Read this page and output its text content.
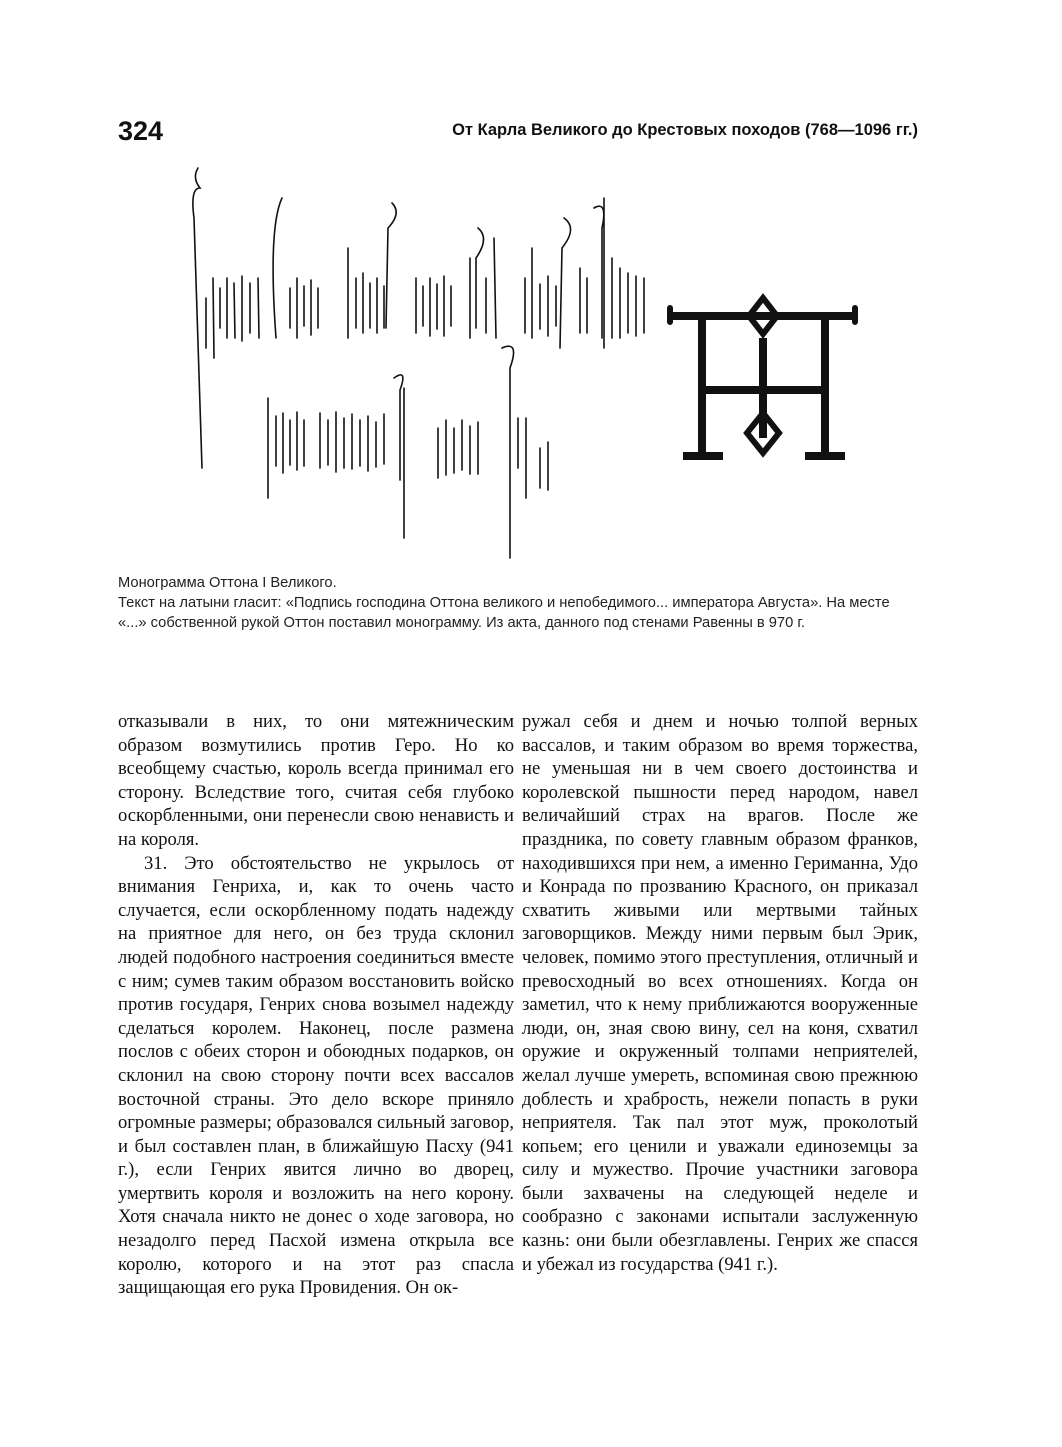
324	От Карла Великого до Крестовых походов (768—1096 гг.)

Монограмма Оттона I Великого.

Текст на латыни гласит: «Подпись господина Оттона великого и непобедимого... императора Августа». На месте «...» собственной рукой Оттон поставил монограмму. Из акта, данного под стенами Равенны в 970 г.

отказывали в них, то они мятежническим образом возмутились против Геро. Но ко всеобщему счастью, король всегда принимал его сторону. Вследствие того, считая себя глубоко оскорбленными, они перенесли свою ненависть и на короля.

31. Это обстоятельство не укрылось от внимания Генриха, и, как то очень часто случается, если оскорбленному подать надежду на приятное для него, он без труда склонил людей подобного настроения соединиться вместе с ним; сумев таким образом восстановить войско против государя, Генрих снова возымел надежду сделаться королем. Наконец, после размена послов с обеих сторон и обоюдных подарков, он склонил на свою сторону почти всех вассалов восточной страны. Это дело вскоре приняло огромные размеры; образовался сильный заговор, и был составлен план, в ближайшую Пасху (941 г.), если Генрих явится лично во дворец, умертвить короля и возложить на него корону. Хотя сначала никто не донес о ходе заговора, но незадолго перед Пасхой измена открыла все королю, которого и на этот раз спасла защищающая его рука Провидения. Он ок-

ружал себя и днем и ночью толпой верных вассалов, и таким образом во время торжества, не уменьшая ни в чем своего достоинства и королевской пышности перед народом, навел величайший страх на врагов. После же праздника, по совету главным образом франков, находившихся при нем, а именно Гериманна, Удо и Конрада по прозванию Красного, он приказал схватить живыми или мертвыми тайных заговорщиков. Между ними первым был Эрик, человек, помимо этого преступления, отличный и превосходный во всех отношениях. Когда он заметил, что к нему приближаются вооруженные люди, он, зная свою вину, сел на коня, схватил оружие и окруженный толпами неприятелей, желал лучше умереть, вспоминая свою прежнюю доблесть и храбрость, нежели попасть в руки неприятеля. Так пал этот муж, проколотый копьем; его ценили и уважали единоземцы за силу и мужество. Прочие участники заговора были захвачены на следующей неделе и сообразно с законами испытали заслуженную казнь: они были обезглавлены. Генрих же спасся и убежал из государства (941 г.).
